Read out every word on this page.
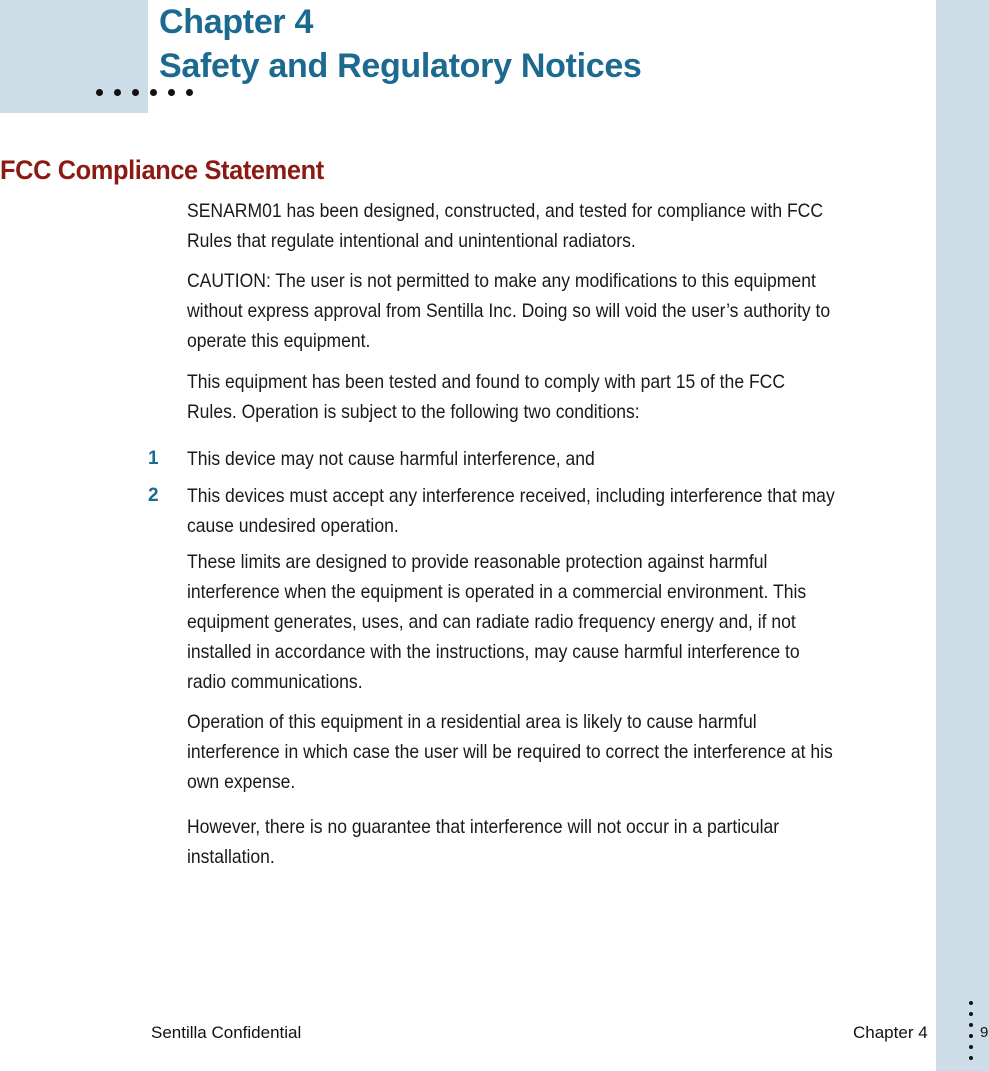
Chapter 4
Safety and Regulatory Notices
FCC Compliance Statement

SENARM01 has been designed, constructed, and tested for compliance with FCC Rules that regulate intentional and unintentional radiators.

CAUTION: The user is not permitted to make any modifications to this equipment without express approval from Sentilla Inc. Doing so will void the user’s authority to operate this equipment.

This equipment has been tested and found to comply with part 15 of the FCC Rules. Operation is subject to the following two conditions:

1 This device may not cause harmful interference, and

2 This devices must accept any interference received, including interference that may cause undesired operation.

These limits are designed to provide reasonable protection against harmful interference when the equipment is operated in a commercial environment. This equipment generates, uses, and can radiate radio frequency energy and, if not installed in accordance with the instructions, may cause harmful interference to radio communications.

Operation of this equipment in a residential area is likely to cause harmful interference in which case the user will be required to correct the interference at his own expense.

However, there is no guarantee that interference will not occur in a particular installation.

Sentilla Confidential	Chapter 4	9
